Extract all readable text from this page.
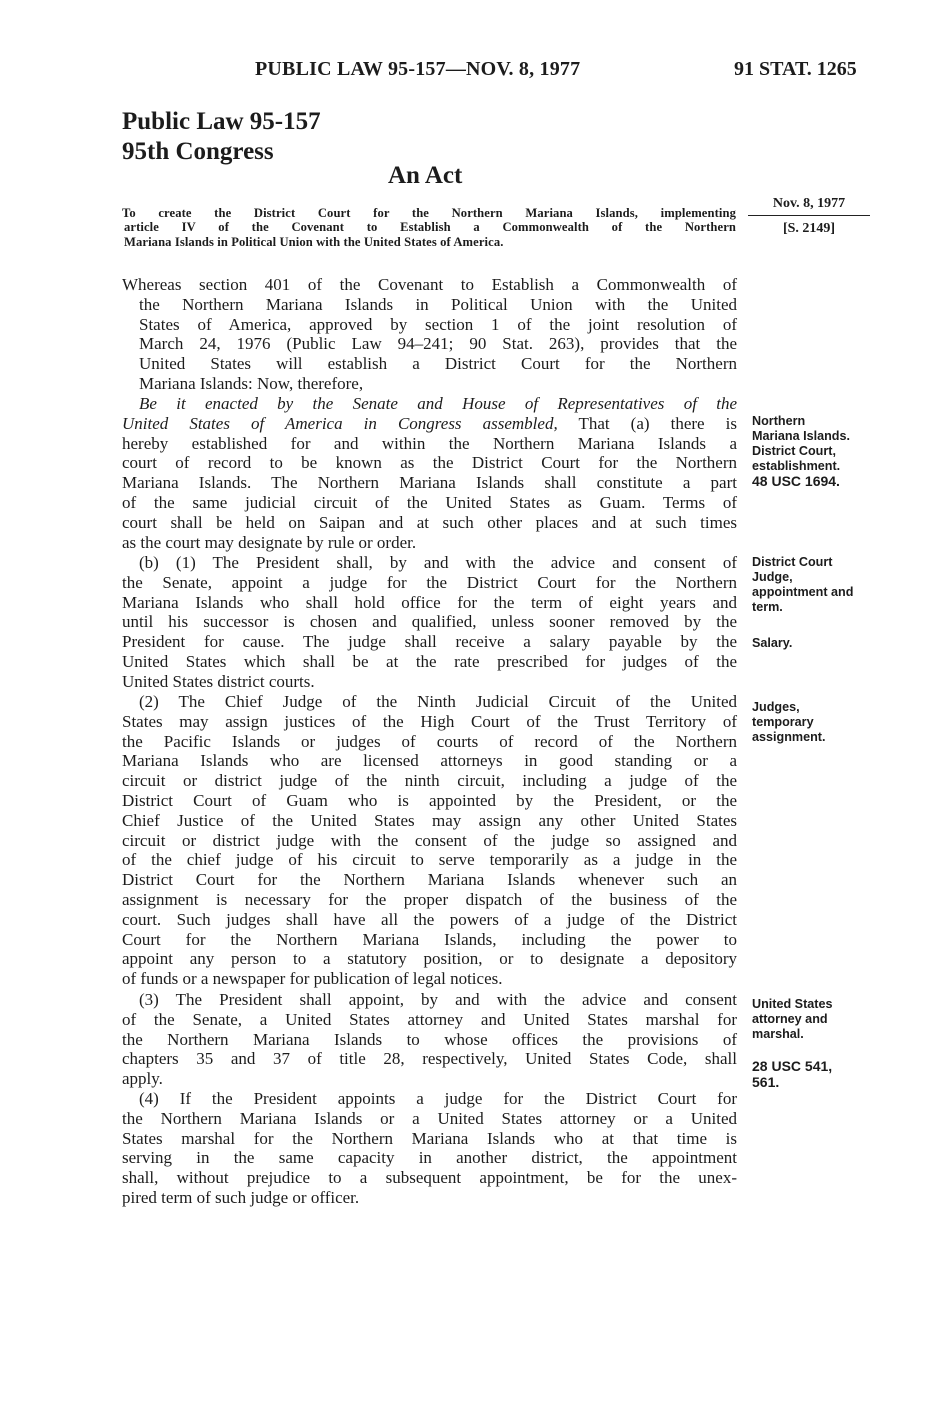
PUBLIC LAW 95-157—NOV. 8, 1977	91 STAT. 1265
Public Law 95-157
95th Congress
An Act
To create the District Court for the Northern Mariana Islands, implementing
article IV of the Covenant to Establish a Commonwealth of the Northern
Mariana Islands in Political Union with the United States of America.
Nov. 8, 1977
[S. 2149]
Whereas section 401 of the Covenant to Establish a Commonwealth of
the Northern Mariana Islands in Political Union with the United
States of America, approved by section 1 of the joint resolution of
March 24, 1976 (Public Law 94–241; 90 Stat. 263), provides that the
United States will establish a District Court for the Northern
Mariana Islands: Now, therefore,
Be it enacted by the Senate and House of Representatives of the
United States of America in Congress assembled, That (a) there is
hereby established for and within the Northern Mariana Islands a
court of record to be known as the District Court for the Northern
Mariana Islands. The Northern Mariana Islands shall constitute a part
of the same judicial circuit of the United States as Guam. Terms of
court shall be held on Saipan and at such other places and at such times
as the court may designate by rule or order.
(b) (1) The President shall, by and with the advice and consent of
the Senate, appoint a judge for the District Court for the Northern
Mariana Islands who shall hold office for the term of eight years and
until his successor is chosen and qualified, unless sooner removed by the
President for cause. The judge shall receive a salary payable by the
United States which shall be at the rate prescribed for judges of the
United States district courts.
(2) The Chief Judge of the Ninth Judicial Circuit of the United
States may assign justices of the High Court of the Trust Territory of
the Pacific Islands or judges of courts of record of the Northern
Mariana Islands who are licensed attorneys in good standing or a
circuit or district judge of the ninth circuit, including a judge of the
District Court of Guam who is appointed by the President, or the
Chief Justice of the United States may assign any other United States
circuit or district judge with the consent of the judge so assigned and
of the chief judge of his circuit to serve temporarily as a judge in the
District Court for the Northern Mariana Islands whenever such an
assignment is necessary for the proper dispatch of the business of the
court. Such judges shall have all the powers of a judge of the District
Court for the Northern Mariana Islands, including the power to
appoint any person to a statutory position, or to designate a depository
of funds or a newspaper for publication of legal notices.
(3) The President shall appoint, by and with the advice and consent
of the Senate, a United States attorney and United States marshal for
the Northern Mariana Islands to whose offices the provisions of
chapters 35 and 37 of title 28, respectively, United States Code, shall
apply.
(4) If the President appoints a judge for the District Court for
the Northern Mariana Islands or a United States attorney or a United
States marshal for the Northern Mariana Islands who at that time is
serving in the same capacity in another district, the appointment
shall, without prejudice to a subsequent appointment, be for the unex-
pired term of such judge or officer.
Northern
Mariana Islands.
District Court,
establishment.
48 USC 1694.
District Court
Judge,
appointment and
term.
Salary.
Judges,
temporary
assignment.
United States
attorney and
marshal.
28 USC 541,
561.
